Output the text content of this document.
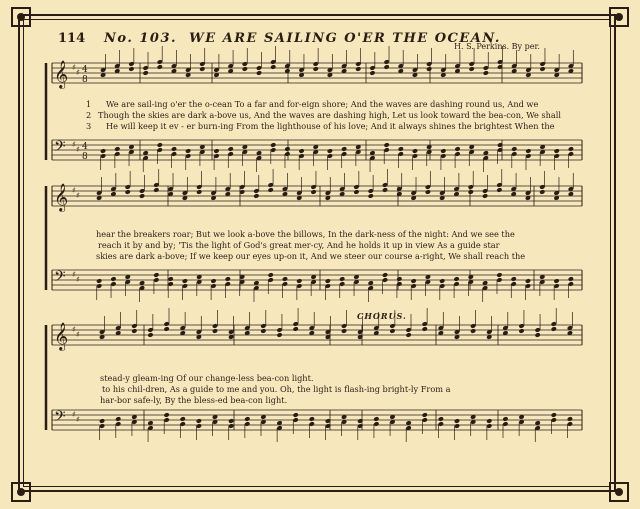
114 No. 103. WE ARE SAILING O'ER THE OCEAN.
H. S. Perkins. By per.
𝄞 ♯
♯ 4
8
𝄢 ♯
♯ 4
8
𝄞 ♯
♯
𝄢 ♯
♯
𝄞 ♯
♯
𝄢 ♯
♯
1
2
3
We are sail-ing o'er the o-cean To a far and for-eign shore; And the waves are dashing round us, And we
Though the skies are dark a-bove us, And the waves are dashing high, Let us look toward the bea-con, We shall
He will keep it ev - er burn-ing From the lighthouse of his love; And it always shines the brightest When the
hear the breakers roar; But we look a-bove the billows, In the dark-ness of the night: And we see the
reach it by and by; 'Tis the light of God's great mer-cy, And he holds it up in view As a guide star
skies are dark a-bove; If we keep our eyes up-on it, And we steer our course a-right, We shall reach the
CHORUS.
stead-y gleam-ing Of our change-less bea-con light.
to his chil-dren, As a guide to me and you. Oh, the light is flash-ing bright-ly From a
har-bor safe-ly, By the bless-ed bea-con light.
